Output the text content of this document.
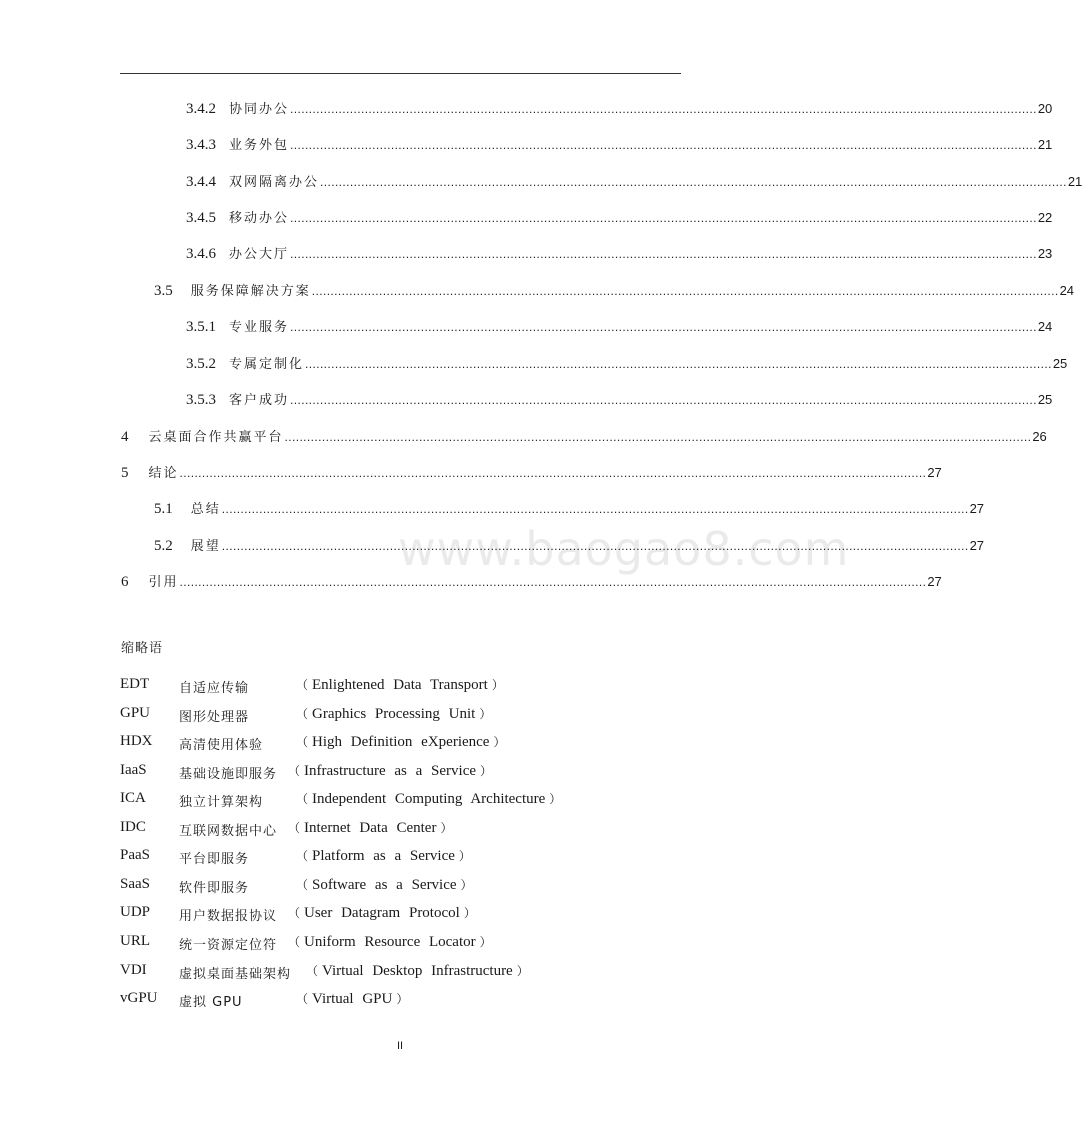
www.baogao8.com
3.4.2 协同办公 .....	20
3.4.3 业务外包 .....	21
3.4.4 双网隔离办公 .....	21
3.4.5 移动办公 .....	22
3.4.6 办公大厅 .....	23
3.5 服务保障解决方案 .....	24
3.5.1 专业服务 .....	24
3.5.2 专属定制化 .....	25
3.5.3 客户成功 .....	25
4 云桌面合作共赢平台 .....	26
5 结论 .....	27
5.1 总结 .....	27
5.2 展望 .....	27
6 引用 .....	27
缩略语
EDT 自适应传输	（ Enlightened Data Transport ）
GPU 图形处理器	（ Graphics Processing Unit ）
HDX 高清使用体验	（ High Definition eXperience ）
IaaS 基础设施即服务 （ Infrastructure as a Service ）
ICA	独立计算架构	（ Independent Computing Architecture ）
IDC	互联网数据中心 （ Internet Data Center ）
PaaS 平台即服务	（ Platform as a Service ）
SaaS 软件即服务	（ Software as a Service ）
UDP 用户数据报协议 （ User Datagram Protocol ）
URL 统一资源定位符 （ Uniform Resource Locator ）
VDI 虚拟桌面基础架构 （ Virtual Desktop Infrastructure ）
vGPU 虚拟 GPU	（ Virtual GPU ）
II
